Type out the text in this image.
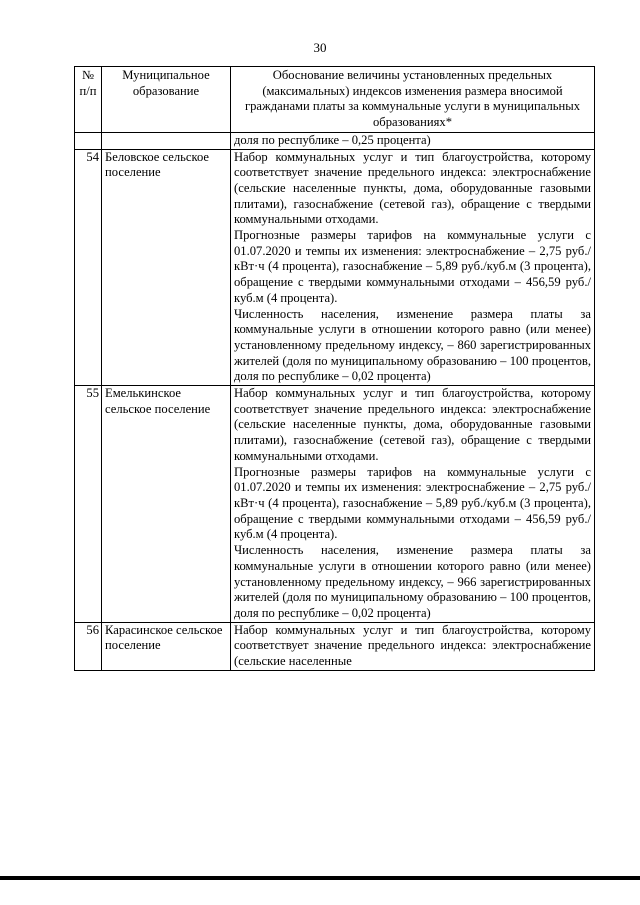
30
№ п/п	Муниципальное образование	Обоснование величины установленных предельных (максимальных) индексов изменения размера вносимой гражданами платы за коммунальные услуги в муниципальных образованиях*
		доля по республике – 0,25 процента)
54	Беловское сельское поселение	Набор коммунальных услуг и тип благоустройства, которому соответствует значение предельного индекса: электроснабжение (сельские населенные пункты, дома, оборудованные газовыми плитами), газоснабжение (сетевой газ), обращение с твердыми коммунальными отходами.
Прогнозные размеры тарифов на коммунальные услуги с 01.07.2020 и темпы их изменения: электроснабжение – 2,75 руб./кВт·ч (4 процента), газоснабжение – 5,89 руб./куб.м (3 процента), обращение с твердыми коммунальными отходами – 456,59 руб./куб.м (4 процента).
Численность населения, изменение размера платы за коммунальные услуги в отношении которого равно (или менее) установленному предельному индексу, – 860 зарегистрированных жителей (доля по муниципальному образованию – 100 процентов, доля по республике – 0,02 процента)

55	Емелькинское сельское поселение	Набор коммунальных услуг и тип благоустройства, которому соответствует значение предельного индекса: электроснабжение (сельские населенные пункты, дома, оборудованные газовыми плитами), газоснабжение (сетевой газ), обращение с твердыми коммунальными отходами.
Прогнозные размеры тарифов на коммунальные услуги с 01.07.2020 и темпы их изменения: электроснабжение – 2,75 руб./кВт·ч (4 процента), газоснабжение – 5,89 руб./куб.м (3 процента), обращение с твердыми коммунальными отходами – 456,59 руб./куб.м (4 процента).
Численность населения, изменение размера платы за коммунальные услуги в отношении которого равно (или менее) установленному предельному индексу, – 966 зарегистрированных жителей (доля по муниципальному образованию – 100 процентов, доля по республике – 0,02 процента)

56	Карасинское сельское поселение	Набор коммунальных услуг и тип благоустройства, которому соответствует значение предельного индекса: электроснабжение (сельские населенные
